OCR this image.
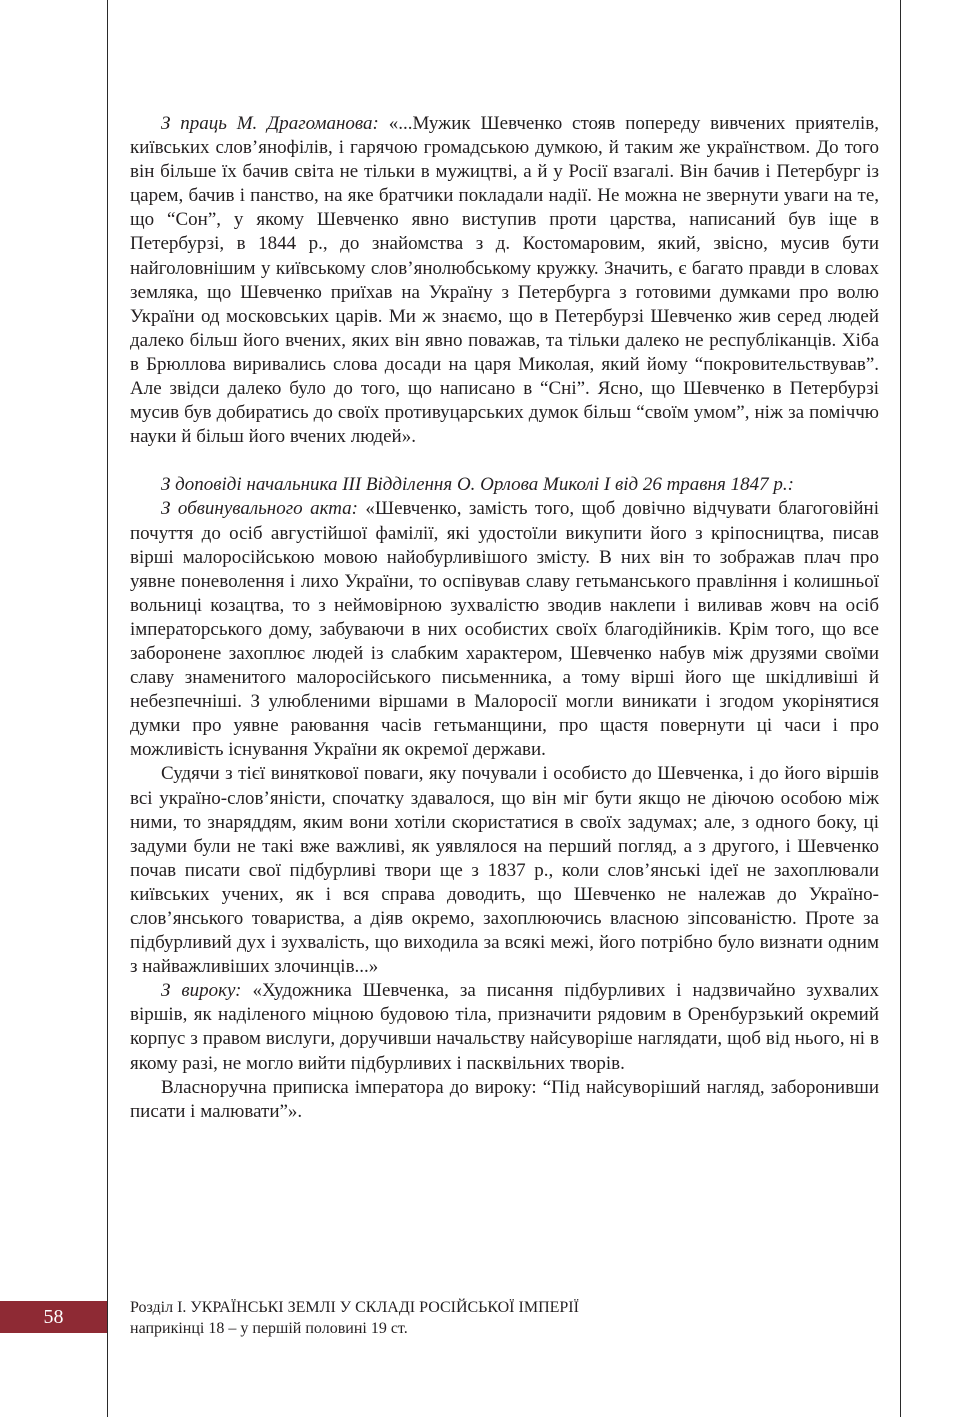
З праць М. Драгоманова: «...Мужик Шевченко стояв попереду вивчених приятелів, київських слов’янофілів, і гарячою громадською думкою, й таким же українством. До того він більше їх бачив світа не тільки в мужицтві, а й у Росії взагалі. Він бачив і Петербург із царем, бачив і панство, на яке братчики покладали надії. Не можна не звернути уваги на те, що “Сон”, у якому Шевченко явно виступив проти царства, написаний був іще в Петербурзі, в 1844 р., до знайомства з д. Костомаровим, який, звісно, мусив бути найголовнішим у київському слов’янолюбському кружку. Значить, є багато правди в словах земляка, що Шевченко приїхав на Україну з Петербурга з готовими думками про волю України од московських царів. Ми ж знаємо, що в Петербурзі Шевченко жив серед людей далеко більш його вчених, яких він явно поважав, та тільки далеко не республіканців. Хіба в Брюллова виривались слова досади на царя Миколая, який йому “покровительствував”. Але звідси далеко було до того, що написано в “Сні”. Ясно, що Шевченко в Петербурзі мусив був добиратись до своїх противуцарських думок більш “своїм умом”, ніж за поміччю науки й більш його вчених людей».

З доповіді начальника ІІІ Відділення О. Орлова Миколі І від 26 травня 1847 р.:

З обвинувального акта: «Шевченко, замість того, щоб довічно відчувати благоговійні почуття до осіб августійшої фамілії, які удостоїли викупити його з кріпосництва, писав вірші малоросійською мовою найобурливішого змісту. В них він то зображав плач про уявне поневолення і лихо України, то оспівував славу гетьманського правління і колишньої вольниці козацтва, то з неймовірною зухвалістю зводив наклепи і виливав жовч на осіб імператорського дому, забуваючи в них особистих своїх благодійників. Крім того, що все заборонене захоплює людей із слабким характером, Шевченко набув між друзями своїми славу знаменитого малоросійського письменника, а тому вірші його ще шкідливіші й небезпечніші. З улюбленими віршами в Малоросії могли виникати і згодом укорінятися думки про уявне раювання часів гетьманщини, про щастя повернути ці часи і про можливість існування України як окремої держави.

Судячи з тієї виняткової поваги, яку почували і особисто до Шевченка, і до його віршів всі україно-слов’яністи, спочатку здавалося, що він міг бути якщо не діючою особою між ними, то знаряддям, яким вони хотіли скористатися в своїх задумах; але, з одного боку, ці задуми були не такі вже важливі, як уявлялося на перший погляд, а з другого, і Шевченко почав писати свої підбурливі твори ще з 1837 р., коли слов’янські ідеї не захоплювали київських учених, як і вся справа доводить, що Шевченко не належав до Україно-слов’янського товариства, а діяв окремо, захоплюючись власною зіпсованістю. Проте за підбурливий дух і зухвалість, що виходила за всякі межі, його потрібно було визнати одним з найважливіших злочинців...»

З вироку: «Художника Шевченка, за писання підбурливих і надзвичайно зухвалих віршів, як наділеного міцною будовою тіла, призначити рядовим в Оренбурзький окремий корпус з правом вислуги, доручивши начальству найсуворіше наглядати, щоб від нього, ні в якому разі, не могло вийти підбурливих і пасквільних творів.

Власноручна приписка імператора до вироку: “Під найсуворіший нагляд, заборонивши писати і малювати”».

58	Розділ І. УКРАЇНСЬКІ ЗЕМЛІ У СКЛАДІ РОСІЙСЬКОЇ ІМПЕРІЇ
наприкінці 18 – у першій половині 19 ст.
